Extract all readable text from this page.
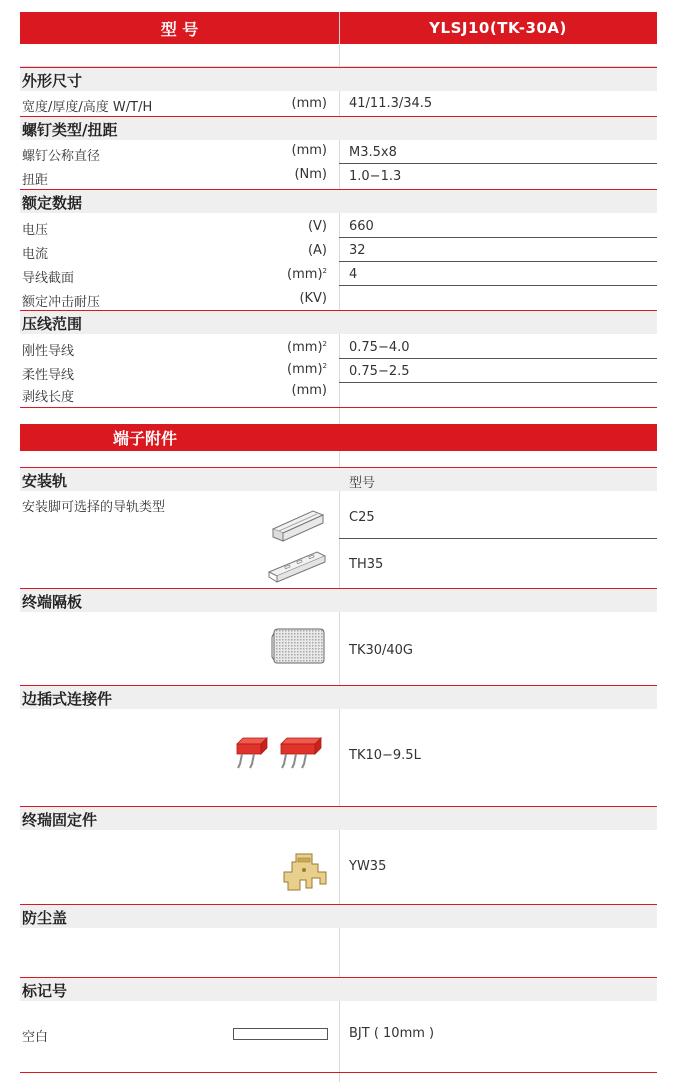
型 号	YLSJ10(TK-30A)
外形尺寸
宽度/厚度/高度 W/T/H	(mm) 41/11.3/34.5
螺钉类型/扭距
螺钉公称直径	(mm) M3.5x8
扭距	(Nm) 1.0−1.3
额定数据
电压	(V) 660
电流	(A) 32
导线截面	(mm)$^2$ 4
额定冲击耐压	(KV)
压线范围
刚性导线	(mm)$^2$ 0.75−4.0
柔性导线	(mm)$^2$ 0.75−2.5
剥线长度	(mm)
端子附件
安装轨	型号
安装脚可选择的导轨类型
C25
TH35
终端隔板
TK30/40G
边插式连接件
TK10−9.5L
终瑞固定件
YW35
防尘盖
标记号
空白	BJT ( 10mm )
